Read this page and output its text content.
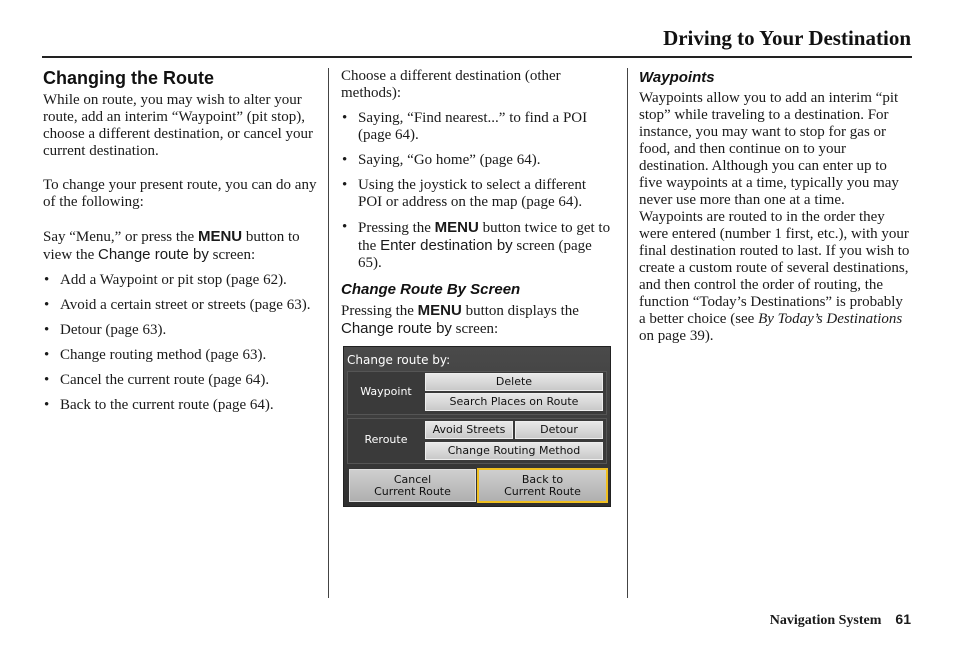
Driving to Your Destination
Changing the Route

While on route, you may wish to alter your route, add an interim “Waypoint” (pit stop), choose a different destination, or cancel your current destination.

To change your present route, you can do any of the following:

Say “Menu,” or press the MENU button to view the Change route by screen:

• Add a Waypoint or pit stop (page 62).
• Avoid a certain street or streets (page 63).
• Detour (page 63).
• Change routing method (page 63).
• Cancel the current route (page 64).
• Back to the current route (page 64).

Choose a different destination (other methods):

• Saying, “Find nearest...” to find a POI (page 64).
• Saying, “Go home” (page 64).
• Using the joystick to select a different POI or address on the map (page 64).
• Pressing the MENU button twice to get to the Enter destination by screen (page 65).
Change Route By Screen

Pressing the MENU button displays the Change route by screen:

Change route by:
Waypoint
Delete
Search Places on Route
Reroute
Avoid Streets	Detour
Change Routing Method
Cancel
Current Route
Back to
Current Route
Waypoints

Waypoints allow you to add an interim “pit stop” while traveling to a destination. For instance, you may want to stop for gas or food, and then continue on to your destination. Although you can enter up to five waypoints at a time, typically you may never use more than one at a time. Waypoints are routed to in the order they were entered (number 1 first, etc.), with your final destination routed to last. If you wish to create a custom route of several destinations, and then control the order of routing, the function “Today’s Destinations” is probably a better choice (see By Today’s Destinations on page 39).

Navigation System 61
